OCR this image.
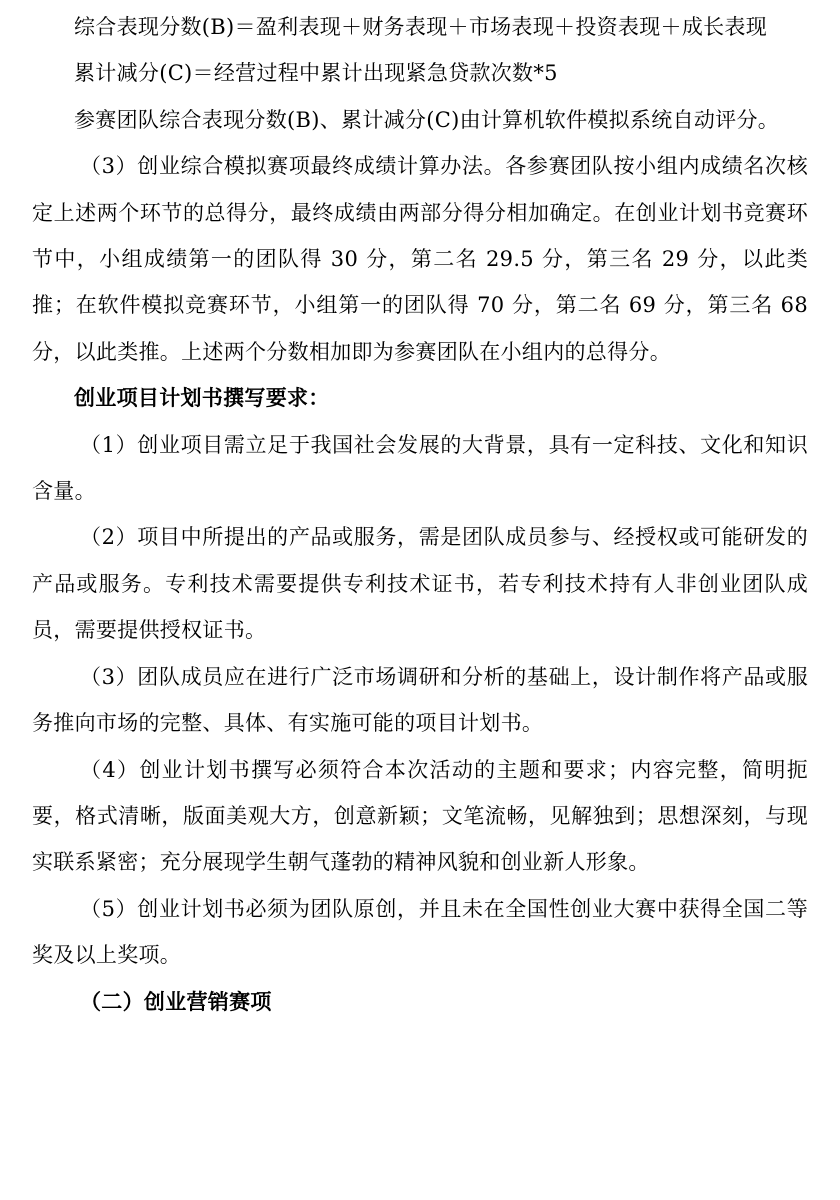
综合表现分数(B)＝盈利表现＋财务表现＋市场表现＋投资表现＋成长表现

累计减分(C)＝经营过程中累计出现紧急贷款次数*5

参赛团队综合表现分数(B)、累计减分(C)由计算机软件模拟系统自动评分。

（3）创业综合模拟赛项最终成绩计算办法。各参赛团队按小组内成绩名次核定上述两个环节的总得分，最终成绩由两部分得分相加确定。在创业计划书竞赛环节中，小组成绩第一的团队得 30 分，第二名 29.5 分，第三名 29 分，以此类推；在软件模拟竞赛环节，小组第一的团队得 70 分，第二名 69 分，第三名 68 分，以此类推。上述两个分数相加即为参赛团队在小组内的总得分。

创业项目计划书撰写要求：

（1）创业项目需立足于我国社会发展的大背景，具有一定科技、文化和知识含量。

（2）项目中所提出的产品或服务，需是团队成员参与、经授权或可能研发的产品或服务。专利技术需要提供专利技术证书，若专利技术持有人非创业团队成员，需要提供授权证书。

（3）团队成员应在进行广泛市场调研和分析的基础上，设计制作将产品或服务推向市场的完整、具体、有实施可能的项目计划书。

（4）创业计划书撰写必须符合本次活动的主题和要求；内容完整，简明扼要，格式清晰，版面美观大方，创意新颖；文笔流畅，见解独到；思想深刻，与现实联系紧密；充分展现学生朝气蓬勃的精神风貌和创业新人形象。

（5）创业计划书必须为团队原创，并且未在全国性创业大赛中获得全国二等奖及以上奖项。

（二）创业营销赛项
